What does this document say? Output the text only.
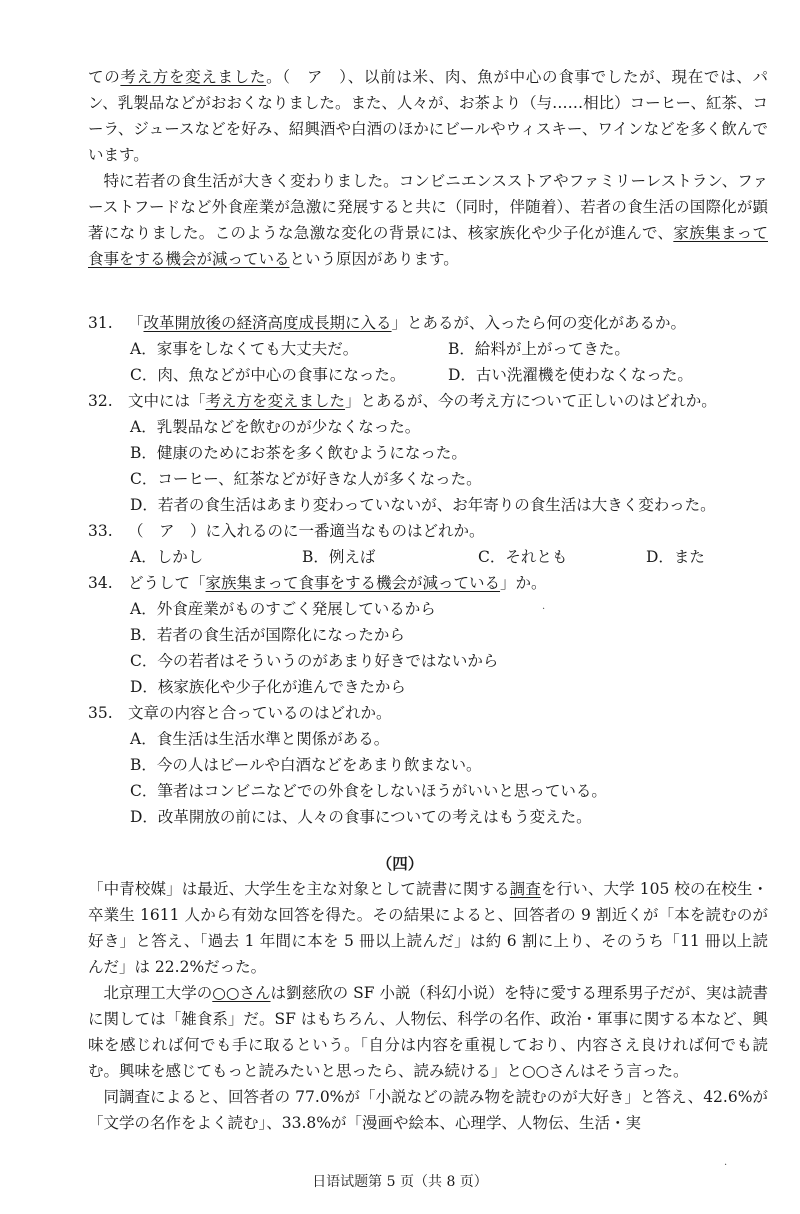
ての考え方を変えました。（　ア　）、以前は米、肉、魚が中心の食事でしたが、現在では、パン、乳製品などがおおくなりました。また、人々が、お茶より（与……相比）コーヒー、紅茶、コーラ、ジュースなどを好み、紹興酒や白酒のほかにビールやウィスキー、ワインなどを多く飲んでいます。

特に若者の食生活が大きく変わりました。コンビニエンスストアやファミリーレストラン、ファーストフードなど外食産業が急激に発展すると共に（同时，伴随着）、若者の食生活の国際化が顕著になりました。このような急激な変化の背景には、核家族化や少子化が進んで、家族集まって食事をする機会が減っているという原因があります。

31. 「改革開放後の経済高度成長期に入る」とあるが、入ったら何の変化があるか。
A．家事をしなくても大丈夫だ。	B．給料が上がってきた。
C．肉、魚などが中心の食事になった。	D．古い洗濯機を使わなくなった。
32. 文中には「考え方を変えました」とあるが、今の考え方について正しいのはどれか。
A．乳製品などを飲むのが少なくなった。
B．健康のためにお茶を多く飲むようになった。
C．コーヒー、紅茶などが好きな人が多くなった。
D．若者の食生活はあまり変わっていないが、お年寄りの食生活は大きく変わった。
33. （　ア　）に入れるのに一番適当なものはどれか。
A．しかし	B．例えば	C．それとも	D．また
34. どうして「家族集まって食事をする機会が減っている」か。
A．外食産業がものすごく発展しているから
B．若者の食生活が国際化になったから
C．今の若者はそういうのがあまり好きではないから
D．核家族化や少子化が進んできたから
35. 文章の内容と合っているのはどれか。
A．食生活は生活水準と関係がある。
B．今の人はビールや白酒などをあまり飲まない。
C．筆者はコンビニなどでの外食をしないほうがいいと思っている。
D．改革開放の前には、人々の食事についての考えはもう変えた。
（四）

「中青校媒」は最近、大学生を主な対象として読書に関する調査を行い、大学 105 校の在校生・卒業生 1611 人から有効な回答を得た。その結果によると、回答者の 9 割近くが「本を読むのが好き」と答え、「過去 1 年間に本を 5 冊以上読んだ」は約 6 割に上り、そのうち「11 冊以上読んだ」は 22.2%だった。

北京理工大学の○○さんは劉慈欣の SF 小説（科幻小说）を特に愛する理系男子だが、実は読書に関しては「雑食系」だ。SF はもちろん、人物伝、科学の名作、政治・軍事に関する本など、興味を感じれば何でも手に取るという。「自分は内容を重視しており、内容さえ良ければ何でも読む。興味を感じてもっと読みたいと思ったら、読み続ける」と○○さんはそう言った。

同調査によると、回答者の 77.0%が「小説などの読み物を読むのが大好き」と答え、42.6%が「文学の名作をよく読む」、33.8%が「漫画や絵本、心理学、人物伝、生活・実

日语试题第 5 页（共 8 页）
·
·
